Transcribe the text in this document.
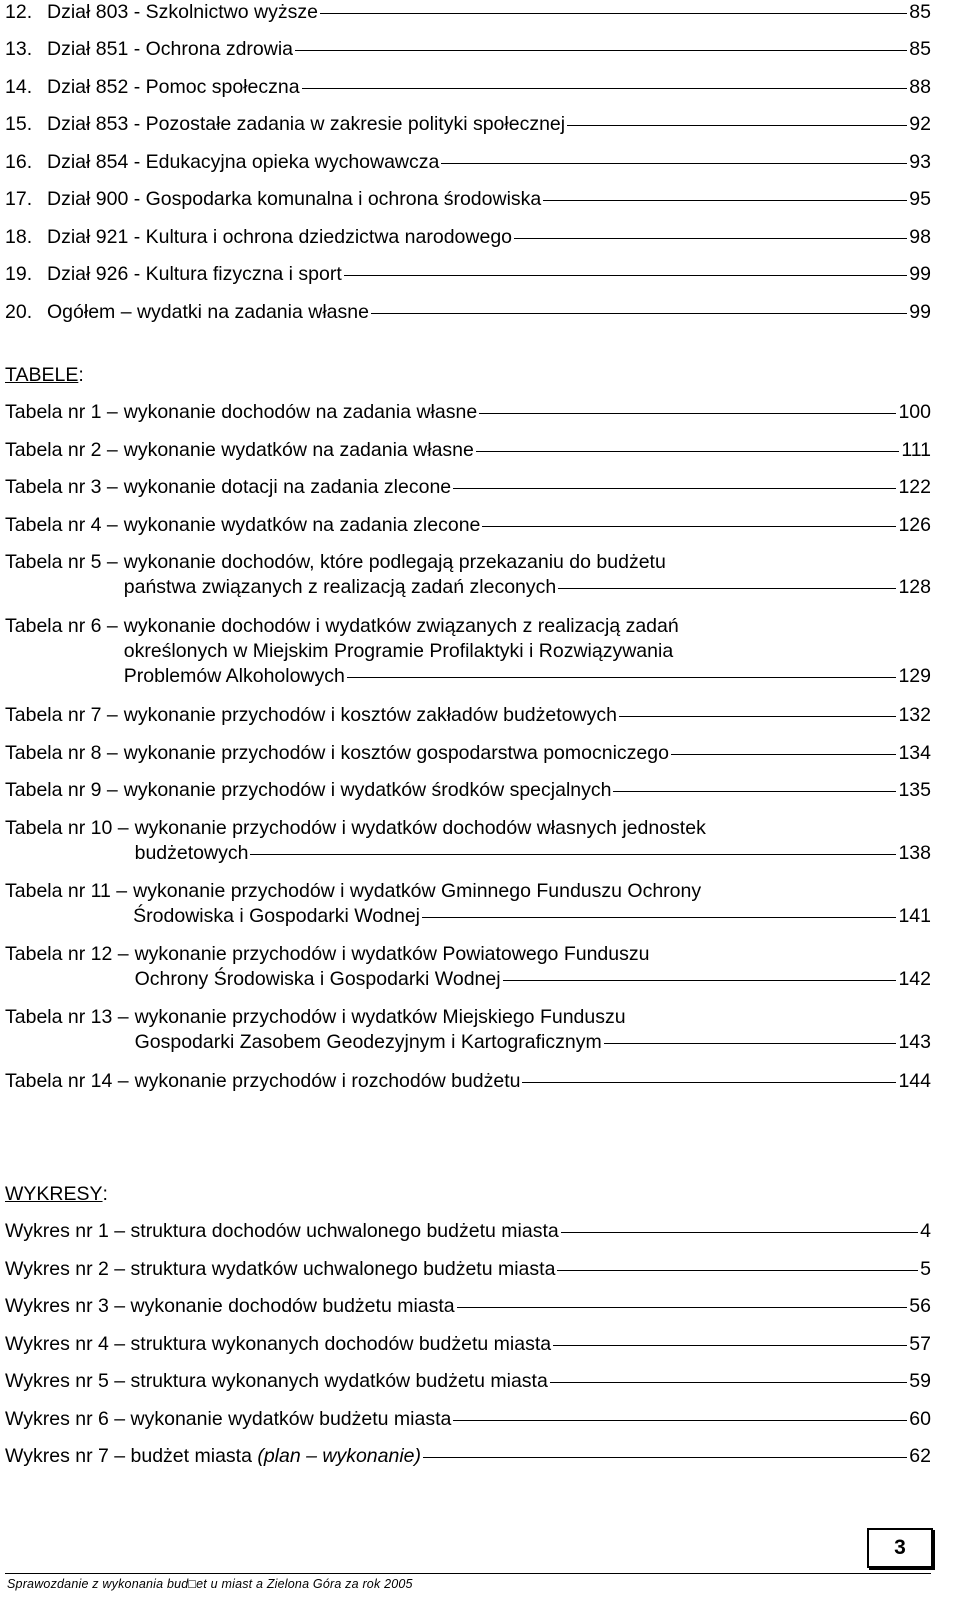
12. Dział 803 - Szkolnictwo wyższe	85
13. Dział 851 - Ochrona zdrowia	85
14. Dział 852 - Pomoc społeczna	88
15. Dział 853 - Pozostałe zadania w zakresie polityki społecznej	92
16. Dział 854 - Edukacyjna opieka wychowawcza	93
17. Dział 900 - Gospodarka komunalna i ochrona środowiska	95
18. Dział 921 - Kultura i ochrona dziedzictwa narodowego	98
19. Dział 926 - Kultura fizyczna i sport	99
20. Ogółem – wydatki na zadania własne	99
TABELE:
Tabela nr 1 – wykonanie dochodów na zadania własne	100
Tabela nr 2 – wykonanie wydatków na zadania własne	111
Tabela nr 3 – wykonanie dotacji na zadania zlecone	122
Tabela nr 4 – wykonanie wydatków na zadania zlecone	126
Tabela nr 5 – wykonanie dochodów, które podlegają przekazaniu do budżetu
państwa związanych z realizacją zadań zleconych	128
Tabela nr 6 – wykonanie dochodów i wydatków związanych z realizacją zadań
określonych w Miejskim Programie Profilaktyki i Rozwiązywania
Problemów Alkoholowych	129
Tabela nr 7 – wykonanie przychodów i kosztów zakładów budżetowych	132
Tabela nr 8 – wykonanie przychodów i kosztów gospodarstwa pomocniczego	134
Tabela nr 9 – wykonanie przychodów i wydatków środków specjalnych	135
Tabela nr 10 – wykonanie przychodów i wydatków dochodów własnych jednostek
budżetowych	138
Tabela nr 11 – wykonanie przychodów i wydatków Gminnego Funduszu Ochrony
Środowiska i Gospodarki Wodnej	141
Tabela nr 12 – wykonanie przychodów i wydatków Powiatowego Funduszu
Ochrony Środowiska i Gospodarki Wodnej	142
Tabela nr 13 – wykonanie przychodów i wydatków Miejskiego Funduszu
Gospodarki Zasobem Geodezyjnym i Kartograficznym	143
Tabela nr 14 – wykonanie przychodów i rozchodów budżetu	144
WYKRESY:
Wykres nr 1 – struktura dochodów uchwalonego budżetu miasta	4
Wykres nr 2 – struktura wydatków uchwalonego budżetu miasta	5
Wykres nr 3 – wykonanie dochodów budżetu miasta	56
Wykres nr 4 – struktura wykonanych dochodów budżetu miasta	57
Wykres nr 5 – struktura wykonanych wydatków budżetu miasta	59
Wykres nr 6 – wykonanie wydatków budżetu miasta	60
Wykres nr 7 – budżet miasta
(plan – wykonanie)	62
Sprawozdanie z wykonania bud□et u miast a Zielona Góra za rok 2005
3
